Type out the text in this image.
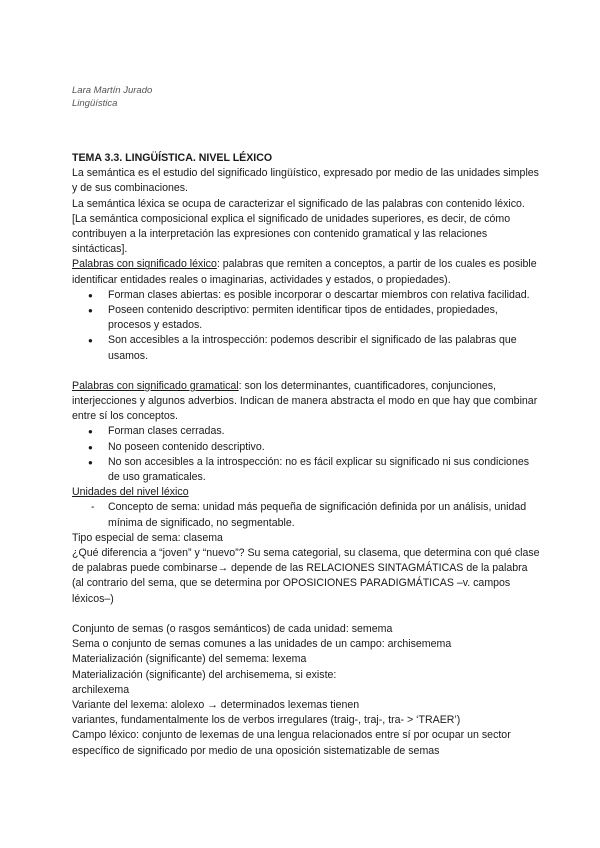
Lara Martín Jurado
Lingüística

TEMA 3.3. LINGÜÍSTICA. NIVEL LÉXICO

La semántica es el estudio del significado lingüístico, expresado por medio de las unidades simples y de sus combinaciones.

La semántica léxica se ocupa de caracterizar el significado de las palabras con contenido léxico.

[La semántica composicional explica el significado de unidades superiores, es decir, de cómo contribuyen a la interpretación las expresiones con contenido gramatical y las relaciones sintácticas].

Palabras con significado léxico: palabras que remiten a conceptos, a partir de los cuales es posible identificar entidades reales o imaginarias, actividades y estados, o propiedades).

● Forman clases abiertas: es posible incorporar o descartar miembros con relativa facilidad.
● Poseen contenido descriptivo: permiten identificar tipos de entidades, propiedades, procesos y estados.
● Son accesibles a la introspección: podemos describir el significado de las palabras que usamos.

Palabras con significado gramatical: son los determinantes, cuantificadores, conjunciones, interjecciones y algunos adverbios. Indican de manera abstracta el modo en que hay que combinar entre sí los conceptos.

● Forman clases cerradas.
● No poseen contenido descriptivo.
● No son accesibles a la introspección: no es fácil explicar su significado ni sus condiciones de uso gramaticales.

Unidades del nivel léxico

- Concepto de sema: unidad más pequeña de significación definida por un análisis, unidad mínima de significado, no segmentable.

Tipo especial de sema: clasema

¿Qué diferencia a “joven” y “nuevo”? Su sema categorial, su clasema, que determina con qué clase de palabras puede combinarse→ depende de las RELACIONES SINTAGMÁTICAS de la palabra (al contrario del sema, que se determina por OPOSICIONES PARADIGMÁTICAS –v. campos léxicos–)

Conjunto de semas (o rasgos semánticos) de cada unidad: semema

Sema o conjunto de semas comunes a las unidades de un campo: archisemema

Materialización (significante) del semema: lexema

Materialización (significante) del archisemema, si existe:

archilexema

Variante del lexema: alolexo → determinados lexemas tienen

variantes, fundamentalmente los de verbos irregulares (traig-, traj-, tra- > ‘TRAER’)

Campo léxico: conjunto de lexemas de una lengua relacionados entre sí por ocupar un sector específico de significado por medio de una oposición sistematizable de semas
